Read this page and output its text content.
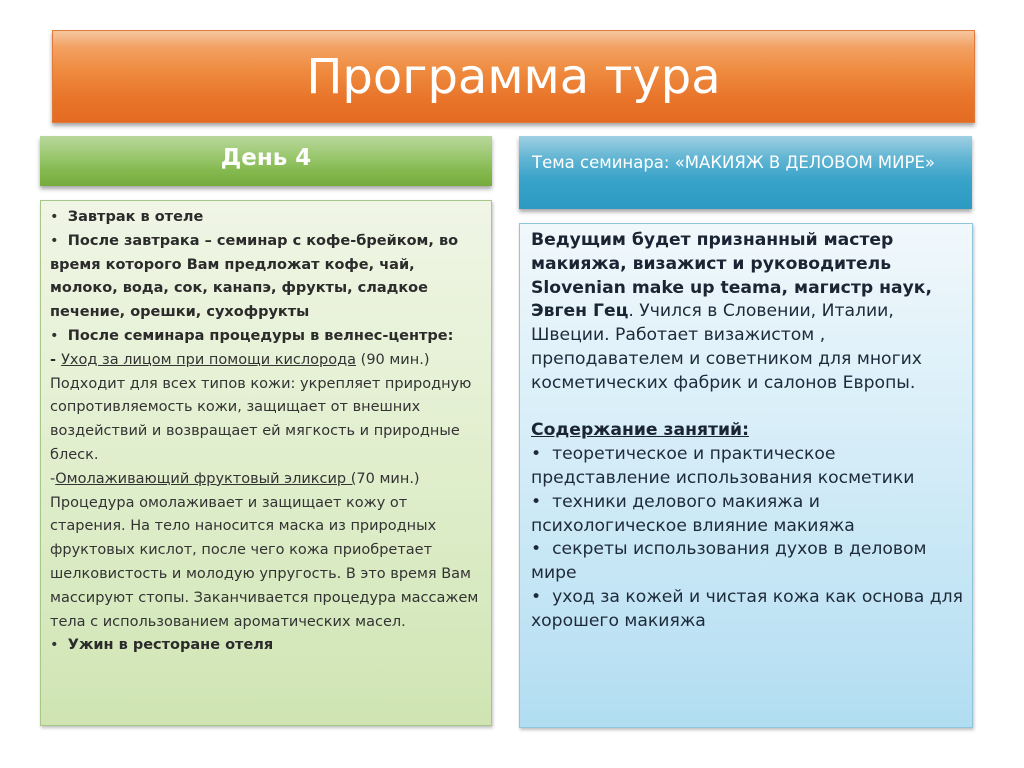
Программа тура
День 4	Тема семинара: «МАКИЯЖ В ДЕЛОВОМ МИРЕ»

•  Завтрак в отеле

•  После завтрака – семинар с кофе-брейком, во время которого Вам предложат кофе, чай, молоко, вода, сок, канапэ, фрукты, сладкое печение, орешки, сухофрукты

•  После семинара процедуры в велнес-центре:

- Уход за лицом при помощи кислорода (90 мин.) Подходит для всех типов кожи: укрепляет природную сопротивляемость кожи, защищает от внешних воздействий и возвращает ей мягкость и природные блеск.

-Омолаживающий фруктовый эликсир (70 мин.) Процедура омолаживает и защищает кожу от старения. На тело наносится маска из природных фруктовых кислот, после чего кожа приобретает шелковистость и молодую упругость. В это время Вам массируют стопы. Заканчивается процедура массажем тела с использованием ароматических масел.

•  Ужин в ресторане отеля

Ведущим будет признанный мастер макияжа, визажист и руководитель Slovenian make up teama, магистр наук, Эвген Гец. Учился в Словении, Италии, Швеции. Работает визажистом , преподавателем и советником для многих косметических фабрик и салонов Европы.

Содержание занятий:

•  теоретическое и практическое представление использования косметики

•  техники делового макияжа и психологическое влияние макияжа

•  секреты использования духов в деловом мире

•  уход за кожей и чистая кожа как основа для хорошего макияжа
